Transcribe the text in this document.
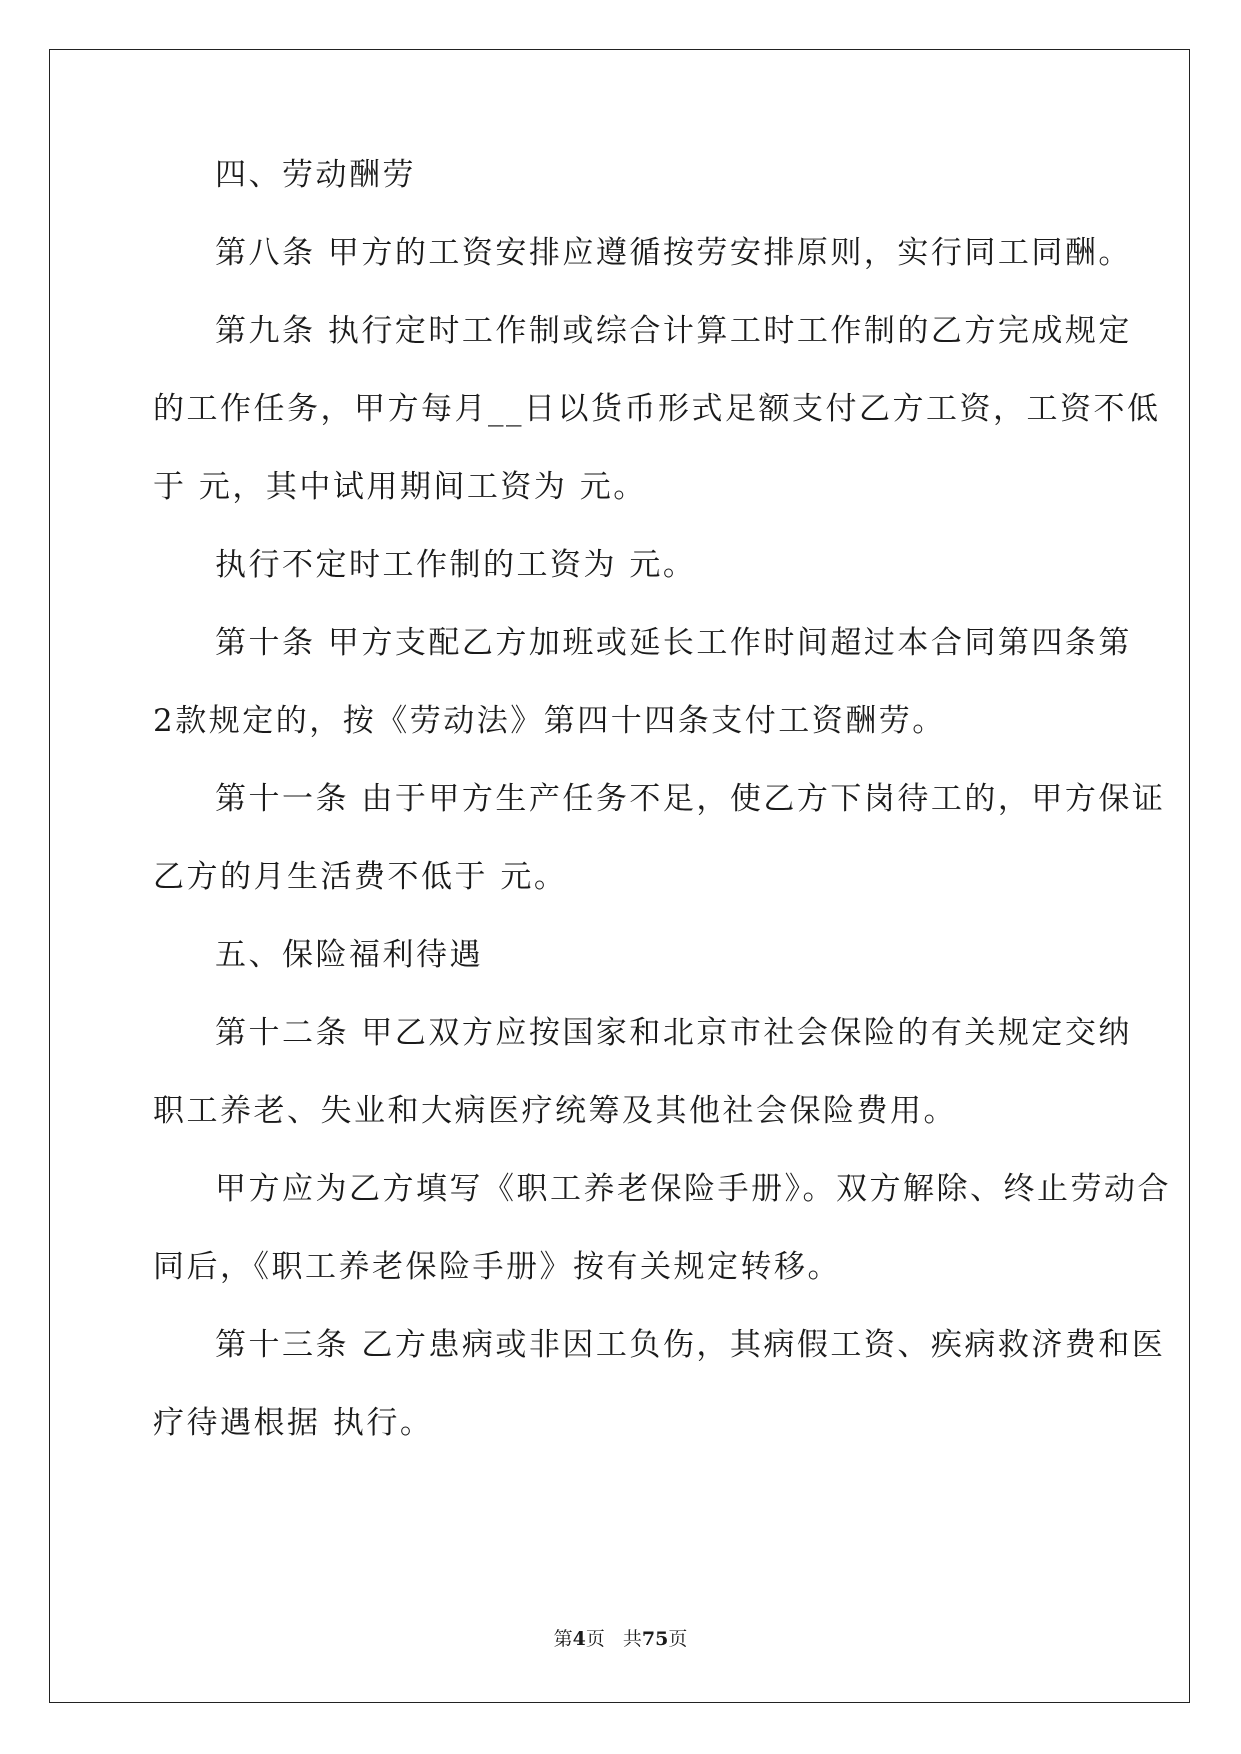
四、劳动酬劳
第八条 甲方的工资安排应遵循按劳安排原则，实行同工同酬。
第九条 执行定时工作制或综合计算工时工作制的乙方完成规定
的工作任务，甲方每月__日以货币形式足额支付乙方工资，工资不低
于 元，其中试用期间工资为 元。
执行不定时工作制的工资为 元。
第十条 甲方支配乙方加班或延长工作时间超过本合同第四条第
2款规定的，按《劳动法》第四十四条支付工资酬劳。
第十一条 由于甲方生产任务不足，使乙方下岗待工的，甲方保证
乙方的月生活费不低于 元。
五、保险福利待遇
第十二条 甲乙双方应按国家和北京市社会保险的有关规定交纳
职工养老、失业和大病医疗统筹及其他社会保险费用。
甲方应为乙方填写《职工养老保险手册》。双方解除、终止劳动合
同后，《职工养老保险手册》按有关规定转移。
第十三条 乙方患病或非因工负伤，其病假工资、疾病救济费和医
疗待遇根据 执行。
第4页 共75页
